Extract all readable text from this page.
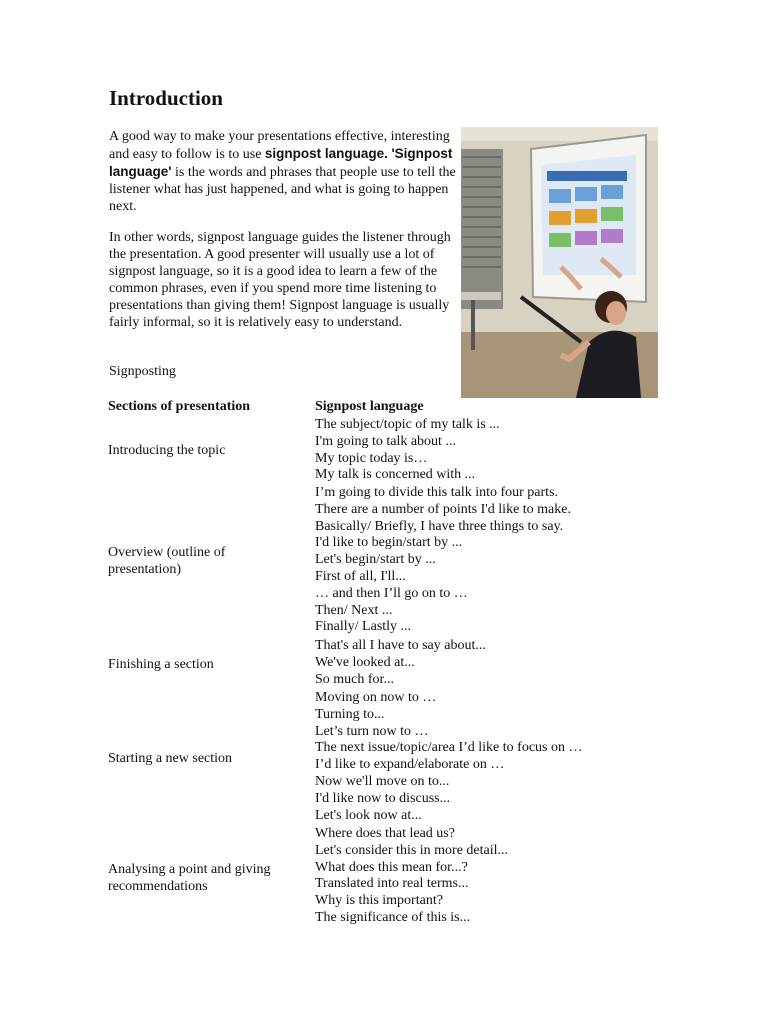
Introduction

A good way to make your presentations effective, interesting and easy to follow is to use signpost language. 'Signpost language' is the words and phrases that people use to tell the listener what has just happened, and what is going to happen next.

In other words, signpost language guides the listener through the presentation. A good presenter will usually use a lot of signpost language, so it is a good idea to learn a few of the common phrases, even if you spend more time listening to presentations than giving them! Signpost language is usually fairly informal, so it is relatively easy to understand.

Signposting

Sections of presentation	Signpost language
Introducing the topic
The subject/topic of my talk is ...
I'm going to talk about ...
My topic today is…
My talk is concerned with ...
Overview (outline of presentation)
I’m going to divide this talk into four parts.
There are a number of points I'd like to make.
Basically/ Briefly, I have three things to say.
I'd like to begin/start by ...
Let's begin/start by ...
First of all, I'll...
… and then I’ll go on to …
Then/ Next ...
Finally/ Lastly ...
Finishing a section
That's all I have to say about...
We've looked at...
So much for...
Starting a new section
Moving on now to …
Turning to...
Let’s turn now to …
The next issue/topic/area I’d like to focus on …
I’d like to expand/elaborate on …
Now we'll move on to...
I'd like now to discuss...
Let's look now at...
Analysing a point and giving recommendations
Where does that lead us?
Let's consider this in more detail...
What does this mean for...?
Translated into real terms...
Why is this important?
The significance of this is...
